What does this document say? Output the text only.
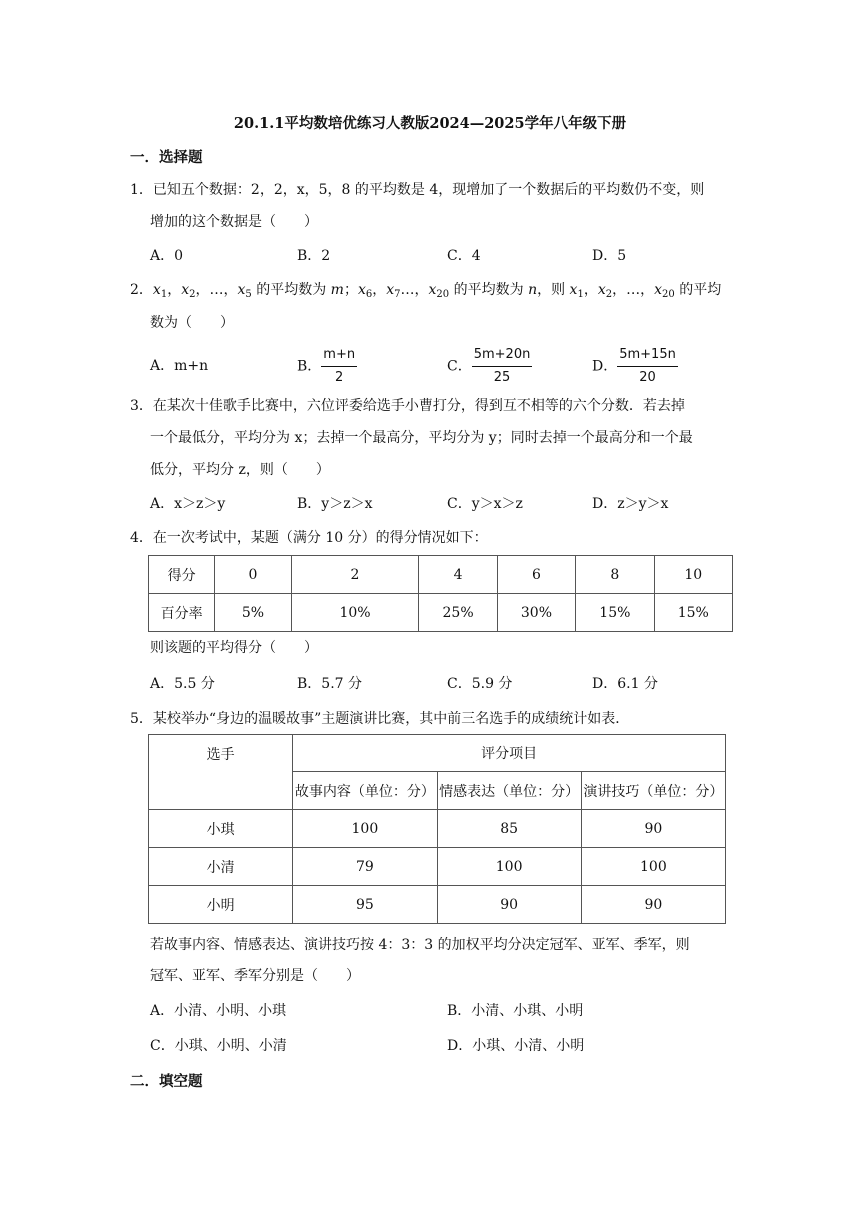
20.1.1平均数培优练习人教版2024—2025学年八年级下册
一．选择题
1．已知五个数据：2，2，x，5，8 的平均数是 4，现增加了一个数据后的平均数仍不变，则
增加的这个数据是（　　）
A．0	B．2	C．4	D．5
2．$x_1$，$x_2$，…，$x_5$ 的平均数为 m；$x_6$，$x_7\dots$，$x_{20}$ 的平均数为 n，则 $x_1$，$x_2$，…，$x_{20}$ 的平均
数为（　　）
A．m+n	B． $\frac{m+n}{2}$	C． $\frac{5m+20n}{25}$	D． $\frac{5m+15n}{20}$
3．在某次十佳歌手比赛中，六位评委给选手小曹打分，得到互不相等的六个分数．若去掉
一个最低分，平均分为 x；去掉一个最高分，平均分为 y；同时去掉一个最高分和一个最
低分，平均分 z，则（　　）
A．x＞z＞y	B．y＞z＞x	C．y＞x＞z	D．z＞y＞x
4．在一次考试中，某题（满分 10 分）的得分情况如下：
得分	0	2	4	6	8	10
百分率	5%	10%	25%	30%	15%	15%
则该题的平均得分（　　）
A．5.5 分	B．5.7 分	C．5.9 分	D．6.1 分
5．某校举办“身边的温暖故事”主题演讲比赛，其中前三名选手的成绩统计如表．
选手	评分项目		
	故事内容（单位：分）	情感表达（单位：分）	演讲技巧（单位：分）
小琪	100	85	90
小清	79	100	100
小明	95	90	90
若故事内容、情感表达、演讲技巧按 4：3：3 的加权平均分决定冠军、亚军、季军，则
冠军、亚军、季军分别是（　　）
A．小清、小明、小琪	B．小清、小琪、小明
C．小琪、小明、小清	D．小琪、小清、小明
二．填空题
